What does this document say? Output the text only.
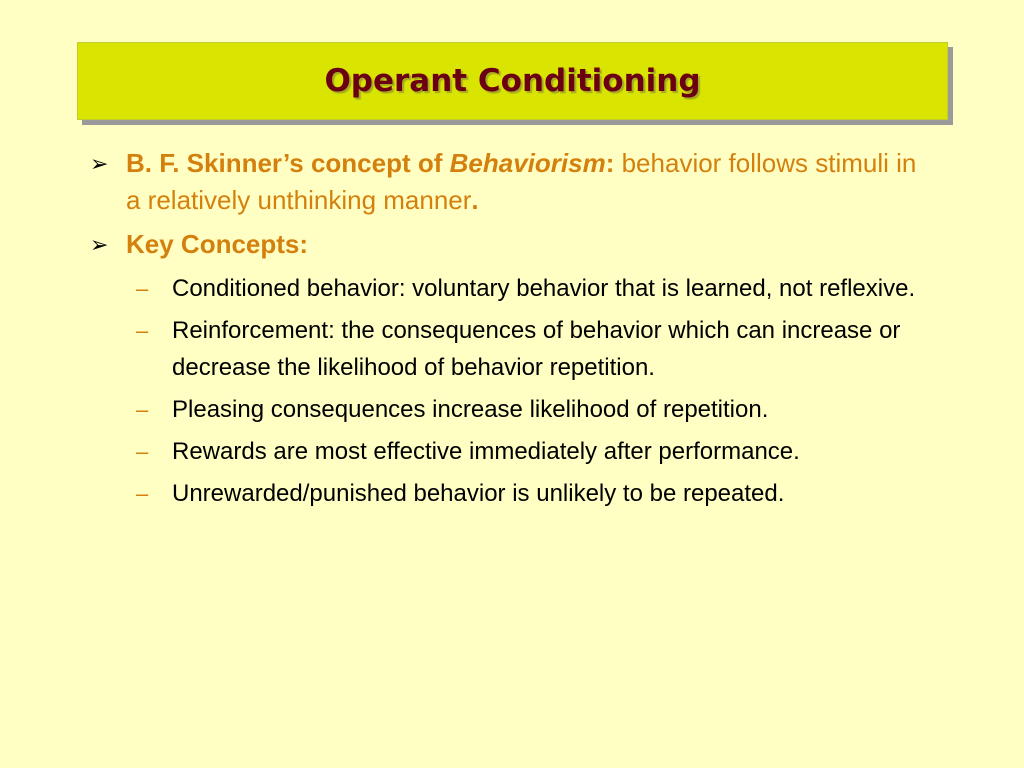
Operant Conditioning
➢ B. F. Skinner’s concept of Behaviorism: behavior follows stimuli in a relatively unthinking manner.
➢ Key Concepts:
– Conditioned behavior: voluntary behavior that is learned, not reflexive.
– Reinforcement: the consequences of behavior which can increase or decrease the likelihood of behavior repetition.
– Pleasing consequences increase likelihood of repetition.
– Rewards are most effective immediately after performance.
– Unrewarded/punished behavior is unlikely to be repeated.
